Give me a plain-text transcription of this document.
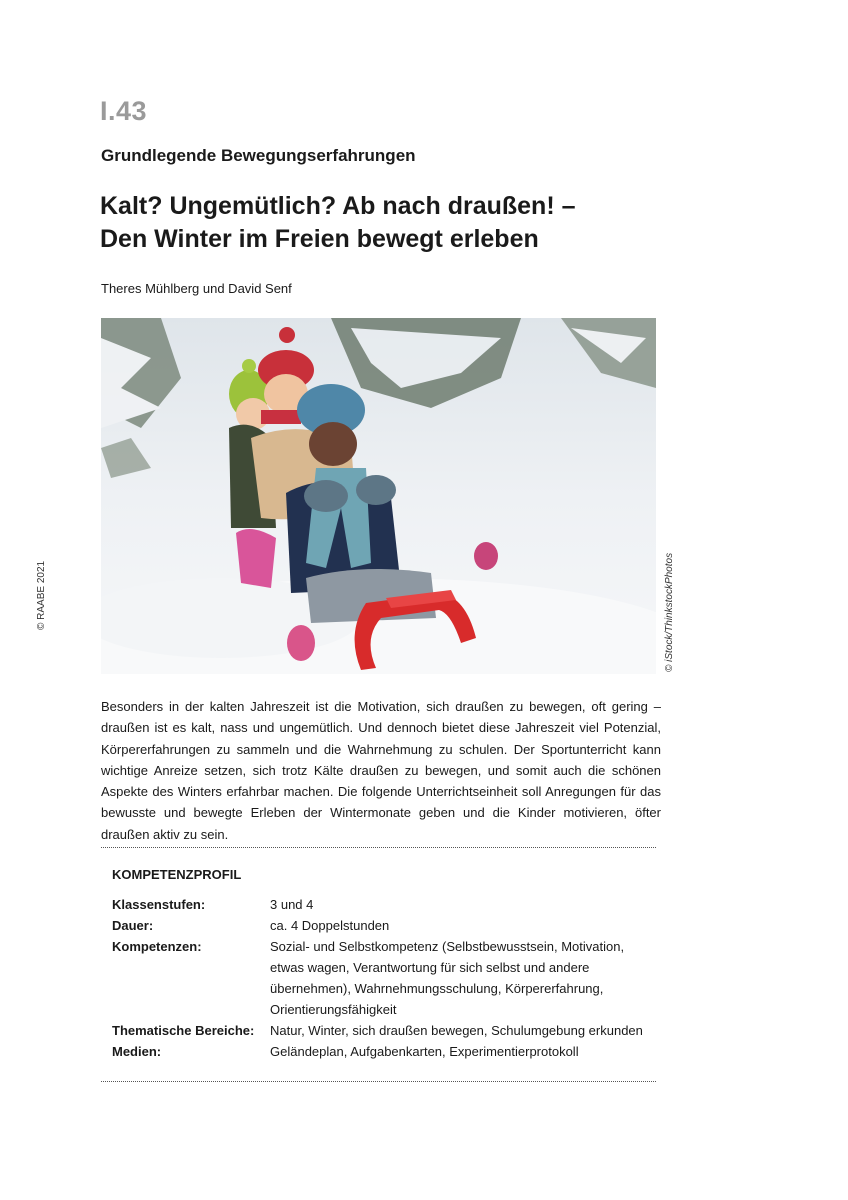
I.43
Grundlegende Bewegungserfahrungen
Kalt? Ungemütlich? Ab nach draußen! –
Den Winter im Freien bewegt erleben
Theres Mühlberg und David Senf
© RAABE 2021	© iStock/ThinkstockPhotos
Besonders in der kalten Jahreszeit ist die Motivation, sich draußen zu bewegen, oft gering – draußen ist es kalt, nass und ungemütlich. Und dennoch bietet diese Jahreszeit viel Potenzial, Körpererfahrungen zu sammeln und die Wahrnehmung zu schulen. Der Sportunterricht kann wichtige Anreize setzen, sich trotz Kälte draußen zu bewegen, und somit auch die schönen Aspekte des Winters erfahrbar machen. Die folgende Unterrichtseinheit soll Anregungen für das bewusste und bewegte Erleben der Wintermonate geben und die Kinder motivieren, öfter draußen aktiv zu sein.
KOMPETENZPROFIL
Klassenstufen:	3 und 4
Dauer:	ca. 4 Doppelstunden
Kompetenzen:	Sozial- und Selbstkompetenz (Selbstbewusstsein, Motivation, etwas wagen, Verantwortung für sich selbst und andere übernehmen), Wahrnehmungsschulung, Körpererfahrung, Orientierungsfähigkeit
Thematische Bereiche:	Natur, Winter, sich draußen bewegen, Schulumgebung erkunden
Medien:	Geländeplan, Aufgabenkarten, Experimentierprotokoll
